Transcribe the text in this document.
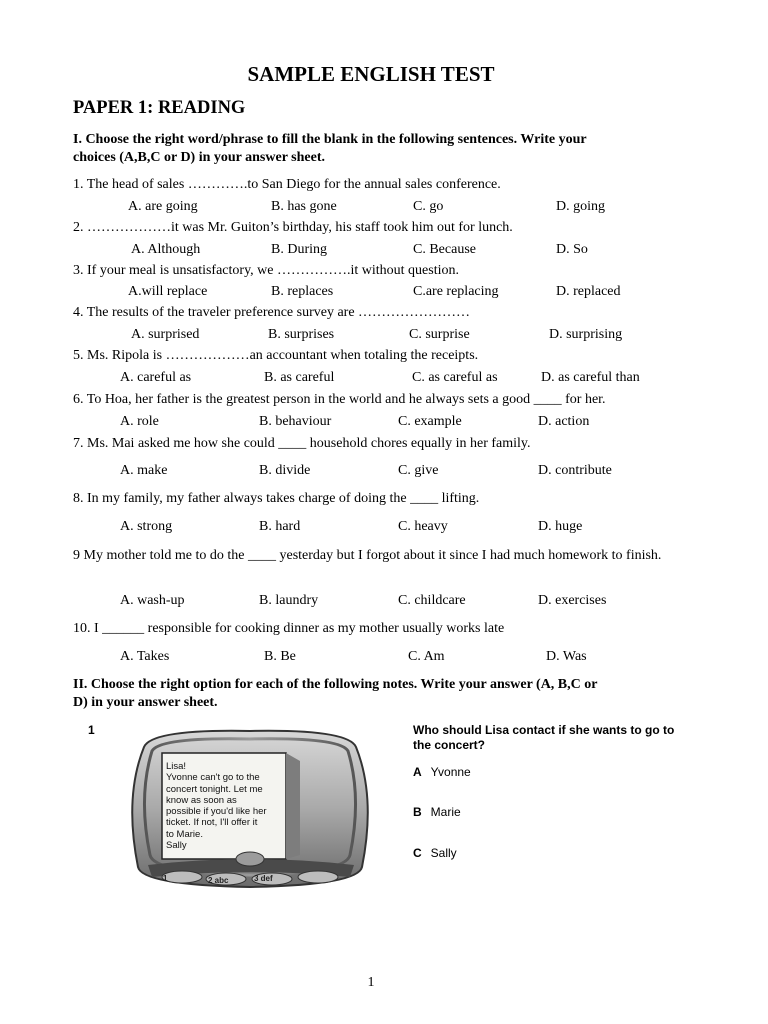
SAMPLE ENGLISH TEST
PAPER 1: READING
I. Choose the right word/phrase to fill the blank in the following sentences. Write your
choices (A,B,C or D) in your answer sheet.
1. The head of sales ………….to San Diego for the annual sales conference.
A. are going	B. has gone	C. go	D. going
2. ………………it was Mr. Guiton’s birthday, his staff took him out for lunch.
A. Although	B. During	C. Because	D. So
3. If your meal is unsatisfactory, we …………….it without question.
A.will replace	B. replaces	C.are replacing	D. replaced
4. The results of the traveler preference survey are ……………………
A. surprised	B. surprises	C. surprise	D. surprising
5. Ms. Ripola is ………………an accountant when totaling the receipts.
A. careful as	B. as careful	C. as careful as	D. as careful than
6. To Hoa, her father is the greatest person in the world and he always sets a good ____ for her.
A. role	B. behaviour	C. example	D. action
7. Ms. Mai asked me how she could ____ household chores equally in her family.
A. make	B. divide	C. give	D. contribute
8. In my family, my father always takes charge of doing the ____ lifting.
A. strong	B. hard	C. heavy	D. huge
9 My mother told me to do the ____ yesterday but I forgot about it since I had much homework to finish.
A. wash-up	B. laundry	C. childcare	D. exercises
10. I ______ responsible for cooking dinner as my mother usually works late
A. Takes	B. Be	C. Am	D. Was
II. Choose the right option for each of the following notes. Write your answer (A, B,C or
D) in your answer sheet.
1
Lisa!
Yvonne can't go to the
concert tonight. Let me
know as soon as
possible if you'd like her
ticket. If not, I'll offer it
to Marie.
Sally
1	2 abc	3 def
Who should Lisa contact if she wants to go to the concert?
A Yvonne
B Marie
C Sally
1
